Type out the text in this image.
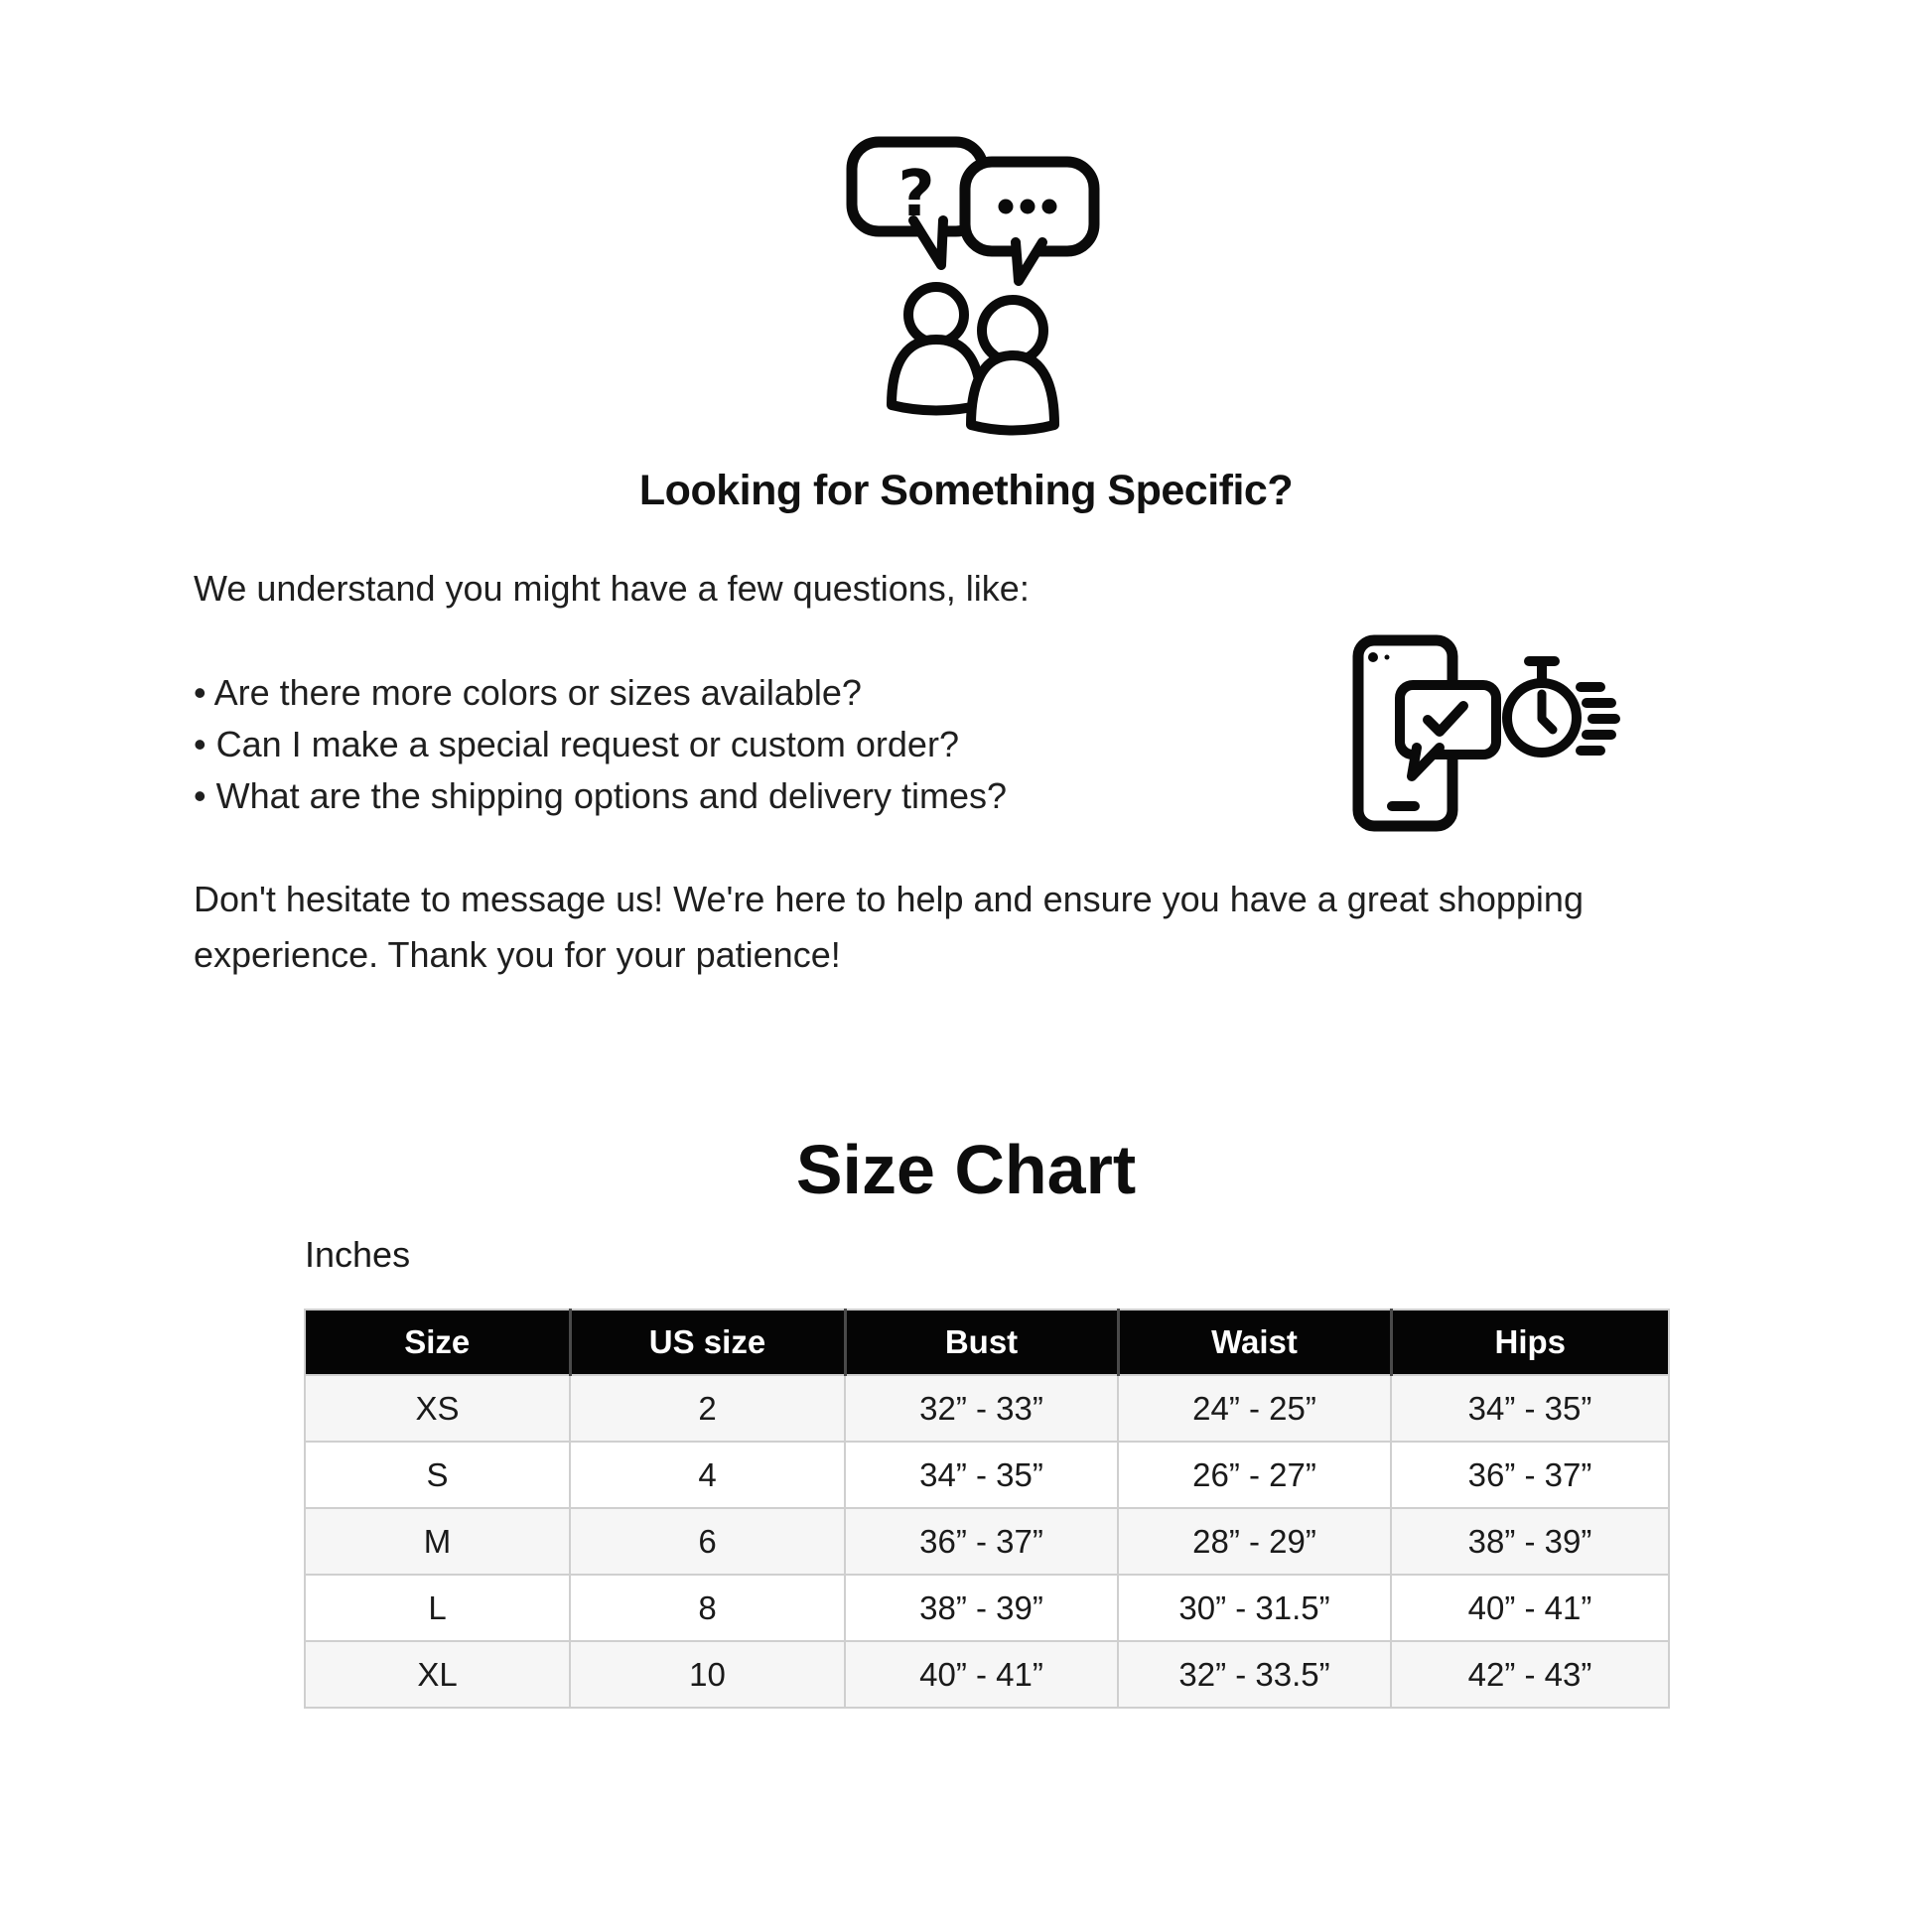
?
Looking for Something Specific?

We understand you might have a few questions, like:

• Are there more colors or sizes available?
• Can I make a special request or custom order?
• What are the shipping options and delivery times?
Don't hesitate to message us! We're here to help and ensure you have a great shopping
experience. Thank you for your patience!
Size Chart
Inches
Size	US size	Bust	Waist	Hips
XS	2	32” - 33”	24” - 25”	34” - 35”
S	4	34” - 35”	26” - 27”	36” - 37”
M	6	36” - 37”	28” - 29”	38” - 39”
L	8	38” - 39”	30” - 31.5”	40” - 41”
XL	10	40” - 41”	32” - 33.5”	42” - 43”
